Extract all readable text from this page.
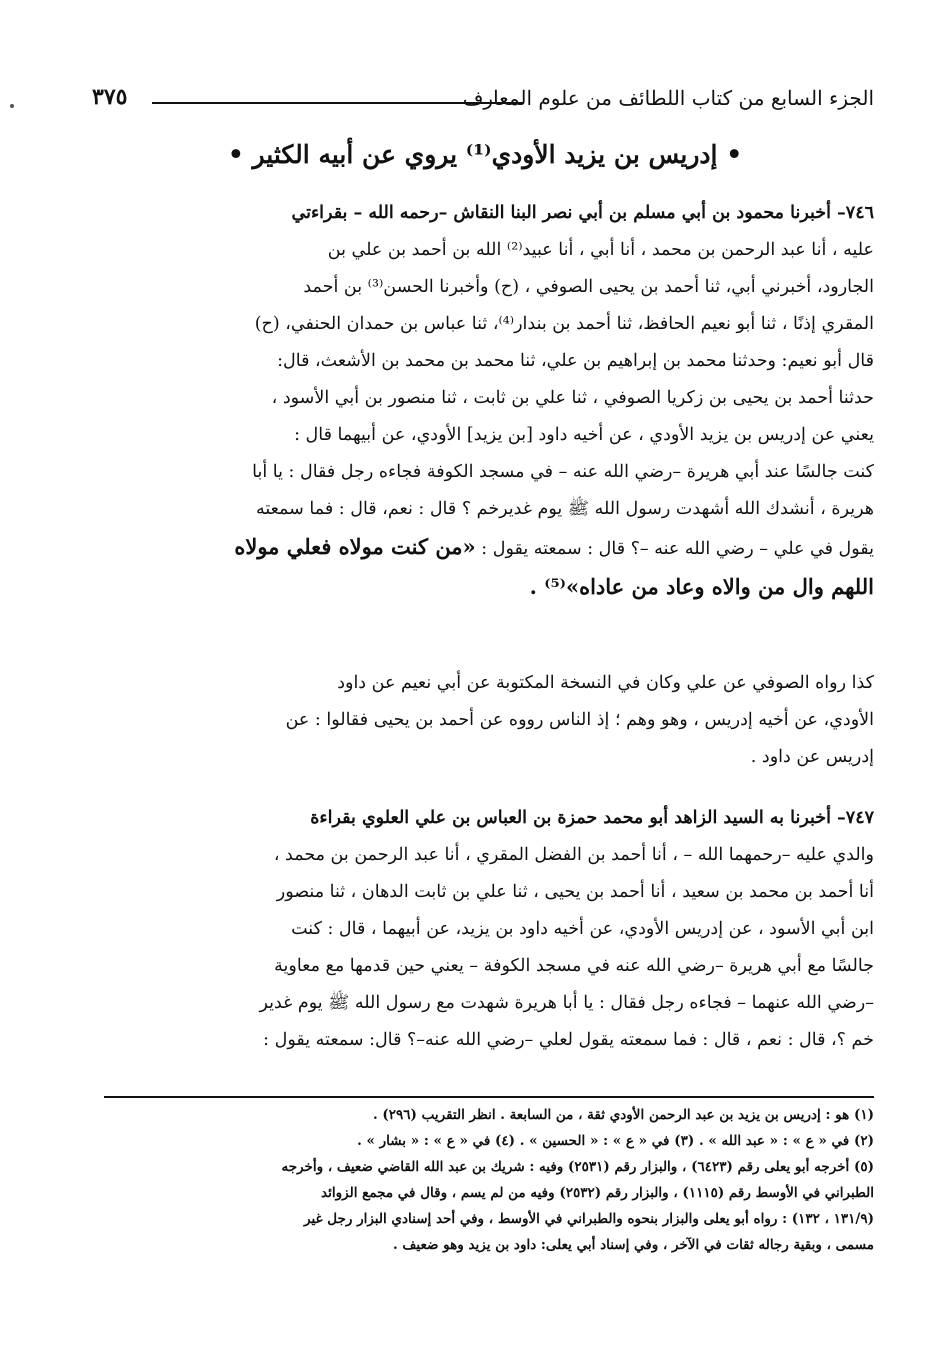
الجزء السابع من كتاب اللطائف من علوم المعارف
٣٧٥
• إدريس بن يزيد الأودي⁽¹⁾ يروي عن أبيه الكثير •
٧٤٦– أخبرنا محمود بن أبي مسلم بن أبي نصر البنا النقاش –رحمه الله – بقراءتي
عليه ، أنا عبد الرحمن بن محمد ، أنا أبي ، أنا عبيد⁽²⁾ الله بن أحمد بن علي بن
الجارود، أخبرني أبي، ثنا أحمد بن يحيى الصوفي ، (ح) وأخبرنا الحسن⁽³⁾ بن أحمد
المقري إذنًا ، ثنا أبو نعيم الحافظ، ثنا أحمد بن بندار⁽⁴⁾، ثنا عباس بن حمدان الحنفي، (ح)
قال أبو نعيم: وحدثنا محمد بن إبراهيم بن علي، ثنا محمد بن محمد بن الأشعث، قال:
حدثنا أحمد بن يحيى بن زكريا الصوفي ، ثنا علي بن ثابت ، ثنا منصور بن أبي الأسود ،
يعني عن إدريس بن يزيد الأودي ، عن أخيه داود [بن يزيد] الأودي، عن أبيهما قال :
كنت جالسًا عند أبي هريرة –رضي الله عنه – في مسجد الكوفة فجاءه رجل فقال : يا أبا
هريرة ، أنشدك الله أشهدت رسول الله ﷺ يوم غديرخم ؟ قال : نعم، قال : فما سمعته
يقول في علي – رضي الله عنه –؟ قال : سمعته يقول : «من كنت مولاه فعلي مولاه
اللهم وال من والاه وعاد من عاداه»⁽⁵⁾ .
كذا رواه الصوفي عن علي وكان في النسخة المكتوبة عن أبي نعيم عن داود
الأودي، عن أخيه إدريس ، وهو وهم ؛ إذ الناس رووه عن أحمد بن يحيى فقالوا : عن
إدريس عن داود .
٧٤٧– أخبرنا به السيد الزاهد أبو محمد حمزة بن العباس بن علي العلوي بقراءة
والدي عليه –رحمهما الله – ، أنا أحمد بن الفضل المقري ، أنا عبد الرحمن بن محمد ،
أنا أحمد بن محمد بن سعيد ، أنا أحمد بن يحيى ، ثنا علي بن ثابت الدهان ، ثنا منصور
ابن أبي الأسود ، عن إدريس الأودي، عن أخيه داود بن يزيد، عن أبيهما ، قال : كنت
جالسًا مع أبي هريرة –رضي الله عنه في مسجد الكوفة – يعني حين قدمها مع معاوية
–رضي الله عنهما – فجاءه رجل فقال : يا أبا هريرة شهدت مع رسول الله ﷺ يوم غدير
خم ؟، قال : نعم ، قال : فما سمعته يقول لعلي –رضي الله عنه–؟ قال: سمعته يقول :
(١) هو : إدريس بن يزيد بن عبد الرحمن الأودي ثقة ، من السابعة . انظر التقريب (٢٩٦) .
(٢) في « ع » : « عبد الله » . (٣) في « ع » : « الحسين » . (٤) في « ع » : « بشار » .
(٥) أخرجه أبو يعلى رقم (٦٤٢٣) ، والبزار رقم (٢٥٣١) وفيه : شريك بن عبد الله القاضي ضعيف ، وأخرجه
الطبراني في الأوسط رقم (١١١٥) ، والبزار رقم (٢٥٣٢) وفيه من لم يسم ، وقال في مجمع الزوائد
(١٣١/٩ ، ١٣٢) : رواه أبو يعلى والبزار بنحوه والطبراني في الأوسط ، وفي أحد إسنادي البزار رجل غير
مسمى ، وبقية رجاله ثقات في الآخر ، وفي إسناد أبي يعلى: داود بن يزيد وهو ضعيف .
